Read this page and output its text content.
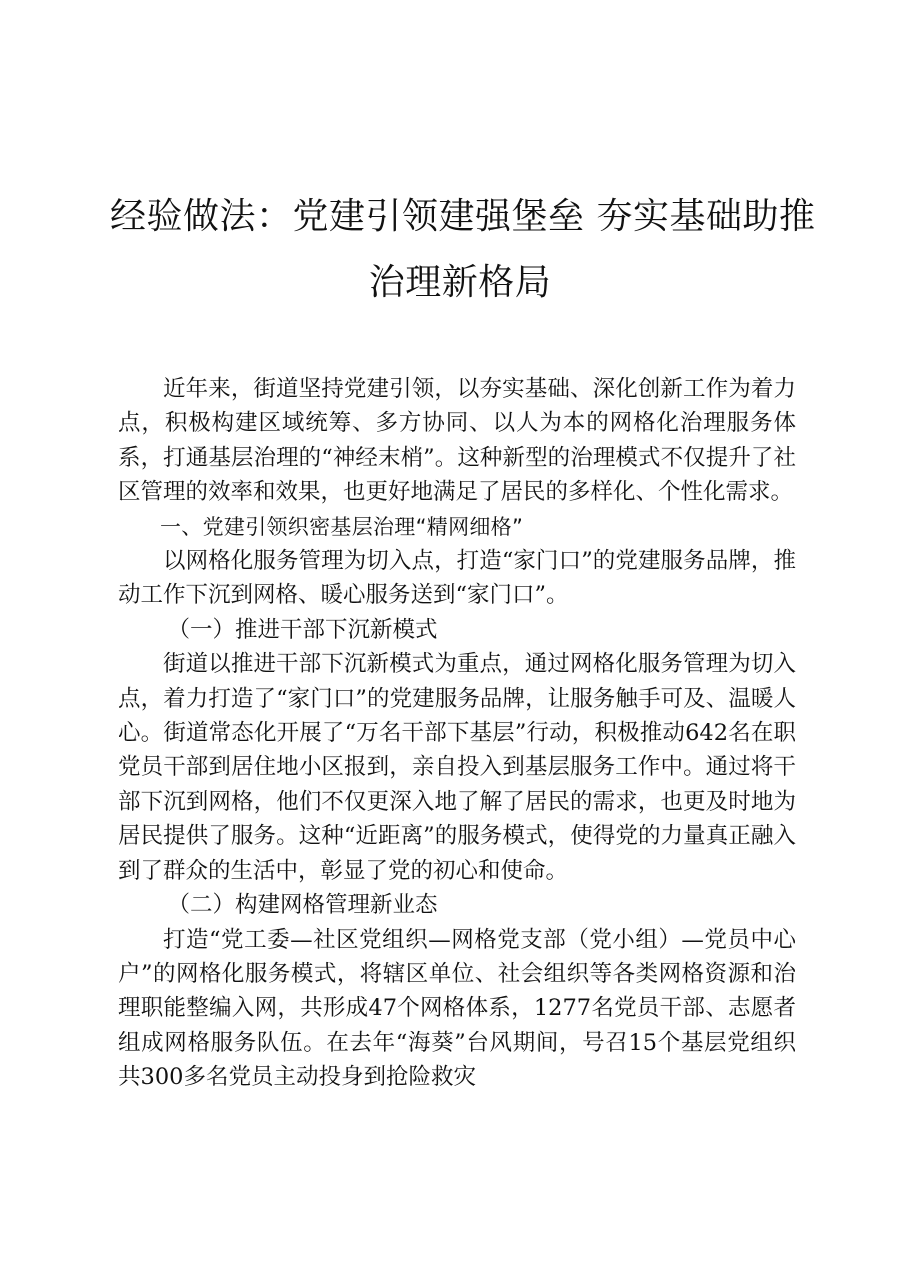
经验做法：党建引领建强堡垒 夯实基础助推
治理新格局

近年来，街道坚持党建引领，以夯实基础、深化创新工作为着力点，积极构建区域统筹、多方协同、以人为本的网格化治理服务体系，打通基层治理的“神经末梢”。这种新型的治理模式不仅提升了社区管理的效率和效果，也更好地满足了居民的多样化、个性化需求。

一、党建引领织密基层治理“精网细格”

以网格化服务管理为切入点，打造“家门口”的党建服务品牌，推动工作下沉到网格、暖心服务送到“家门口”。

（一）推进干部下沉新模式

街道以推进干部下沉新模式为重点，通过网格化服务管理为切入点，着力打造了“家门口”的党建服务品牌，让服务触手可及、温暖人心。街道常态化开展了“万名干部下基层”行动，积极推动642名在职党员干部到居住地小区报到，亲自投入到基层服务工作中。通过将干部下沉到网格，他们不仅更深入地了解了居民的需求，也更及时地为居民提供了服务。这种“近距离”的服务模式，使得党的力量真正融入到了群众的生活中，彰显了党的初心和使命。

（二）构建网格管理新业态

打造“党工委—社区党组织—网格党支部（党小组）—党员中心户”的网格化服务模式，将辖区单位、社会组织等各类网格资源和治理职能整编入网，共形成47个网格体系，1277名党员干部、志愿者组成网格服务队伍。在去年“海葵”台风期间，号召15个基层党组织共300多名党员主动投身到抢险救灾
